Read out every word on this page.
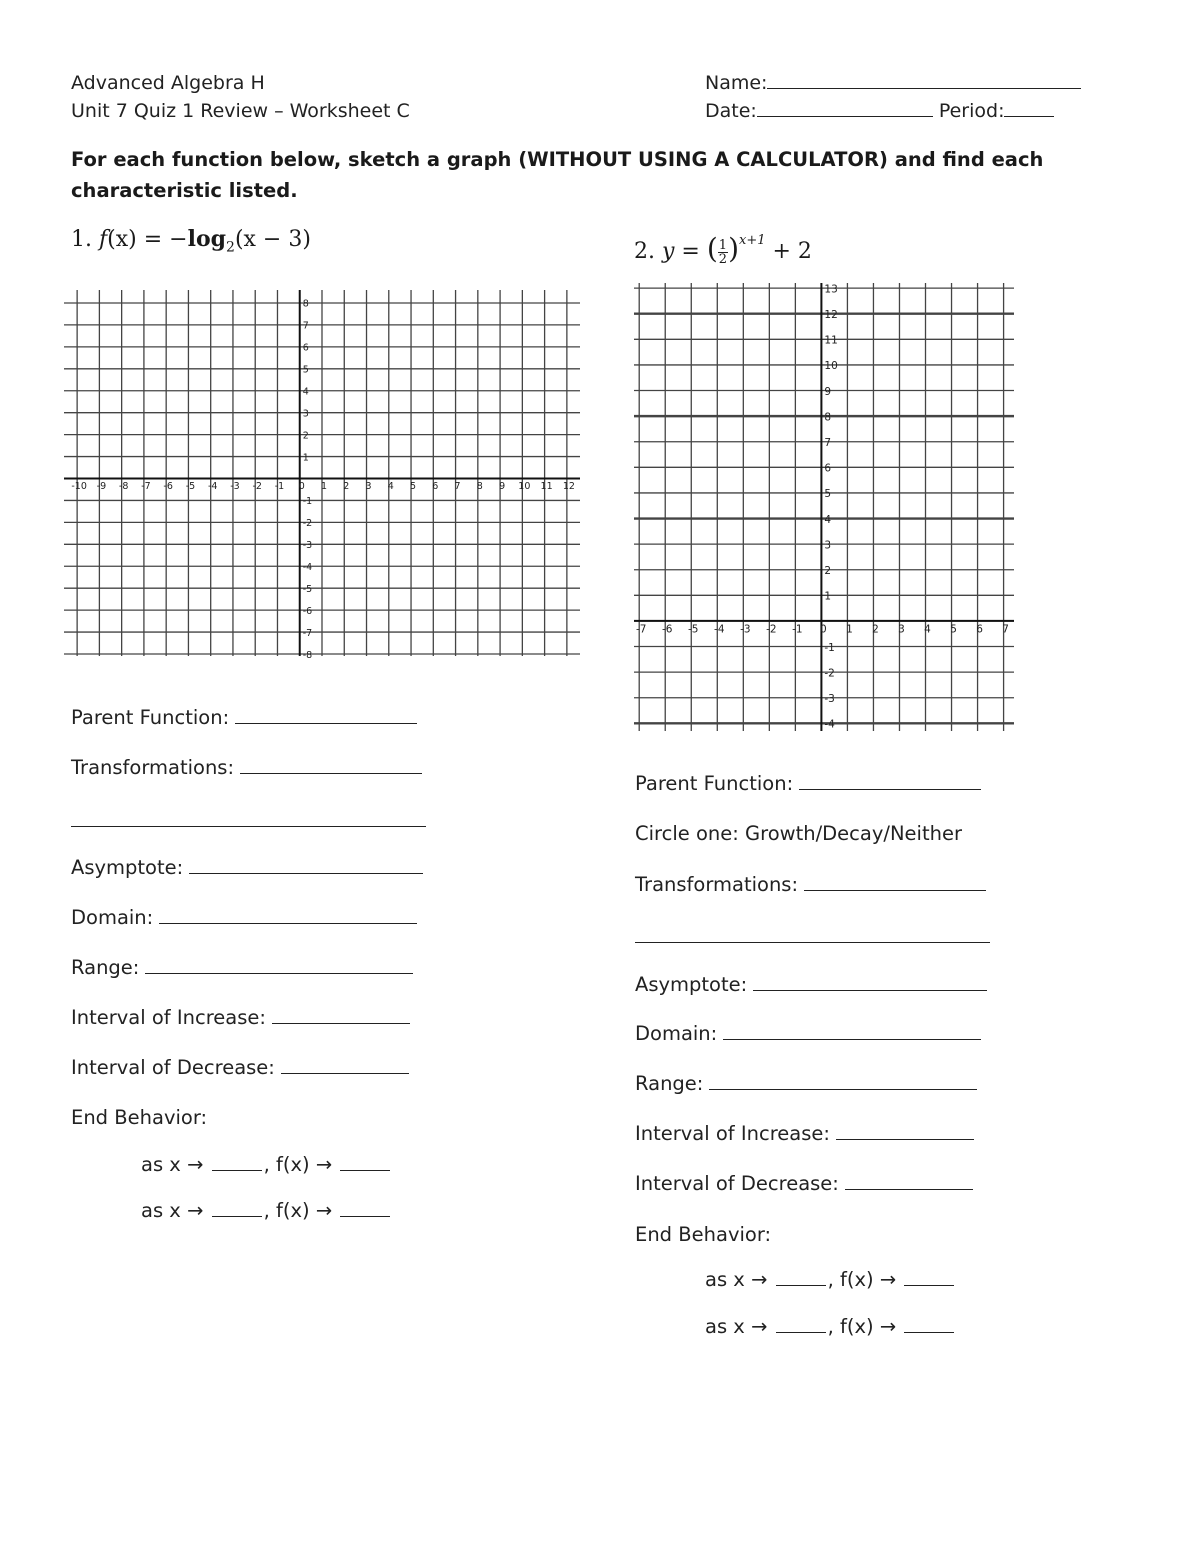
Advanced Algebra H
Unit 7 Quiz 1 Review – Worksheet C
Name:
Date:	Period:
For each function below, sketch a graph (WITHOUT USING A CALCULATOR) and find each characteristic listed.
1. $f(x) = -\log_2(x - 3)$
-10 -9 -8 -7 -6 -5 -4 -3 -2 -1 0 1 2 3 4 5 6 7 8 9 10 11 12
8
7
6
5
4
3
2
1
-1
-2
-3
-4
-5
-6
-7
-8
2. y = ( $\frac{1}{2} )^{x+1} + 2$
-7 -6 -5 -4 -3 -2 -1 0 1 2 3 4 5 6 7
13
12
11
10
9
8
7
6
5
4
3
2
1
-1
-2
-3
-4
Parent Function:
Transformations:
Asymptote:
Domain:
Range:
Interval of Increase:
Interval of Decrease:
End Behavior:
as x →	, f(x) →
as x →	, f(x) →
Parent Function:
Circle one: Growth/Decay/Neither
Transformations:
Asymptote:
Domain:
Range:
Interval of Increase:
Interval of Decrease:
End Behavior:
as x →	, f(x) →
as x →	, f(x) →
